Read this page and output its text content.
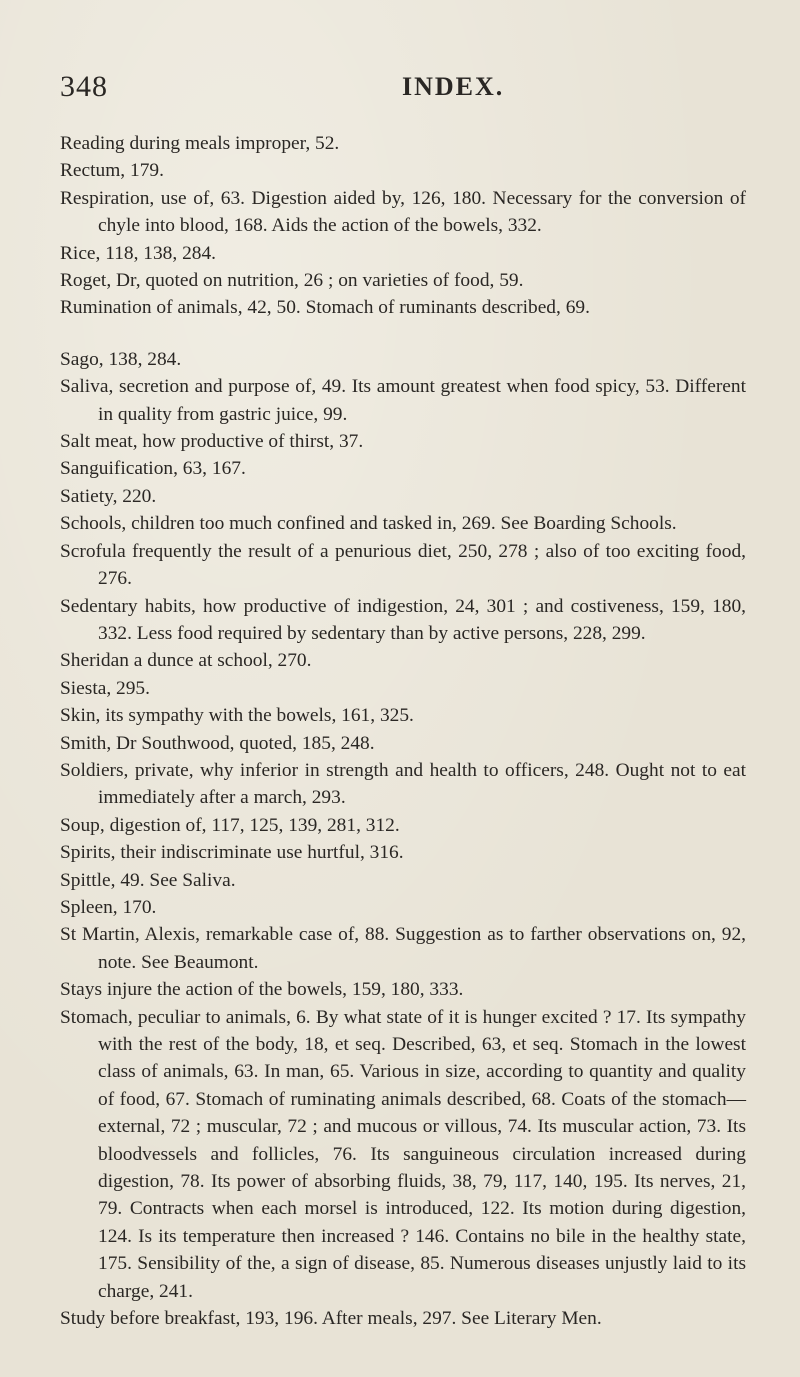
348	INDEX.

Reading during meals improper, 52.

Rectum, 179.

Respiration, use of, 63. Digestion aided by, 126, 180. Necessary for the conversion of chyle into blood, 168. Aids the action of the bowels, 332.

Rice, 118, 138, 284.

Roget, Dr, quoted on nutrition, 26 ; on varieties of food, 59.

Rumination of animals, 42, 50. Stomach of ruminants described, 69.

Sago, 138, 284.

Saliva, secretion and purpose of, 49. Its amount greatest when food spicy, 53. Different in quality from gastric juice, 99.

Salt meat, how productive of thirst, 37.

Sanguification, 63, 167.

Satiety, 220.

Schools, children too much confined and tasked in, 269. See Boarding Schools.

Scrofula frequently the result of a penurious diet, 250, 278 ; also of too exciting food, 276.

Sedentary habits, how productive of indigestion, 24, 301 ; and costiveness, 159, 180, 332. Less food required by sedentary than by active persons, 228, 299.

Sheridan a dunce at school, 270.

Siesta, 295.

Skin, its sympathy with the bowels, 161, 325.

Smith, Dr Southwood, quoted, 185, 248.

Soldiers, private, why inferior in strength and health to officers, 248. Ought not to eat immediately after a march, 293.

Soup, digestion of, 117, 125, 139, 281, 312.

Spirits, their indiscriminate use hurtful, 316.

Spittle, 49. See Saliva.

Spleen, 170.

St Martin, Alexis, remarkable case of, 88. Suggestion as to farther observations on, 92, note. See Beaumont.

Stays injure the action of the bowels, 159, 180, 333.

Stomach, peculiar to animals, 6. By what state of it is hunger excited ? 17. Its sympathy with the rest of the body, 18, et seq. Described, 63, et seq. Stomach in the lowest class of animals, 63. In man, 65. Various in size, according to quantity and quality of food, 67. Stomach of ruminating animals described, 68. Coats of the stomach—external, 72 ; muscular, 72 ; and mucous or villous, 74. Its muscular action, 73. Its bloodvessels and follicles, 76. Its sanguineous circulation increased during digestion, 78. Its power of absorbing fluids, 38, 79, 117, 140, 195. Its nerves, 21, 79. Contracts when each morsel is introduced, 122. Its motion during digestion, 124. Is its temperature then increased ? 146. Contains no bile in the healthy state, 175. Sensibility of the, a sign of disease, 85. Numerous diseases unjustly laid to its charge, 241.

Study before breakfast, 193, 196. After meals, 297. See Literary Men.
